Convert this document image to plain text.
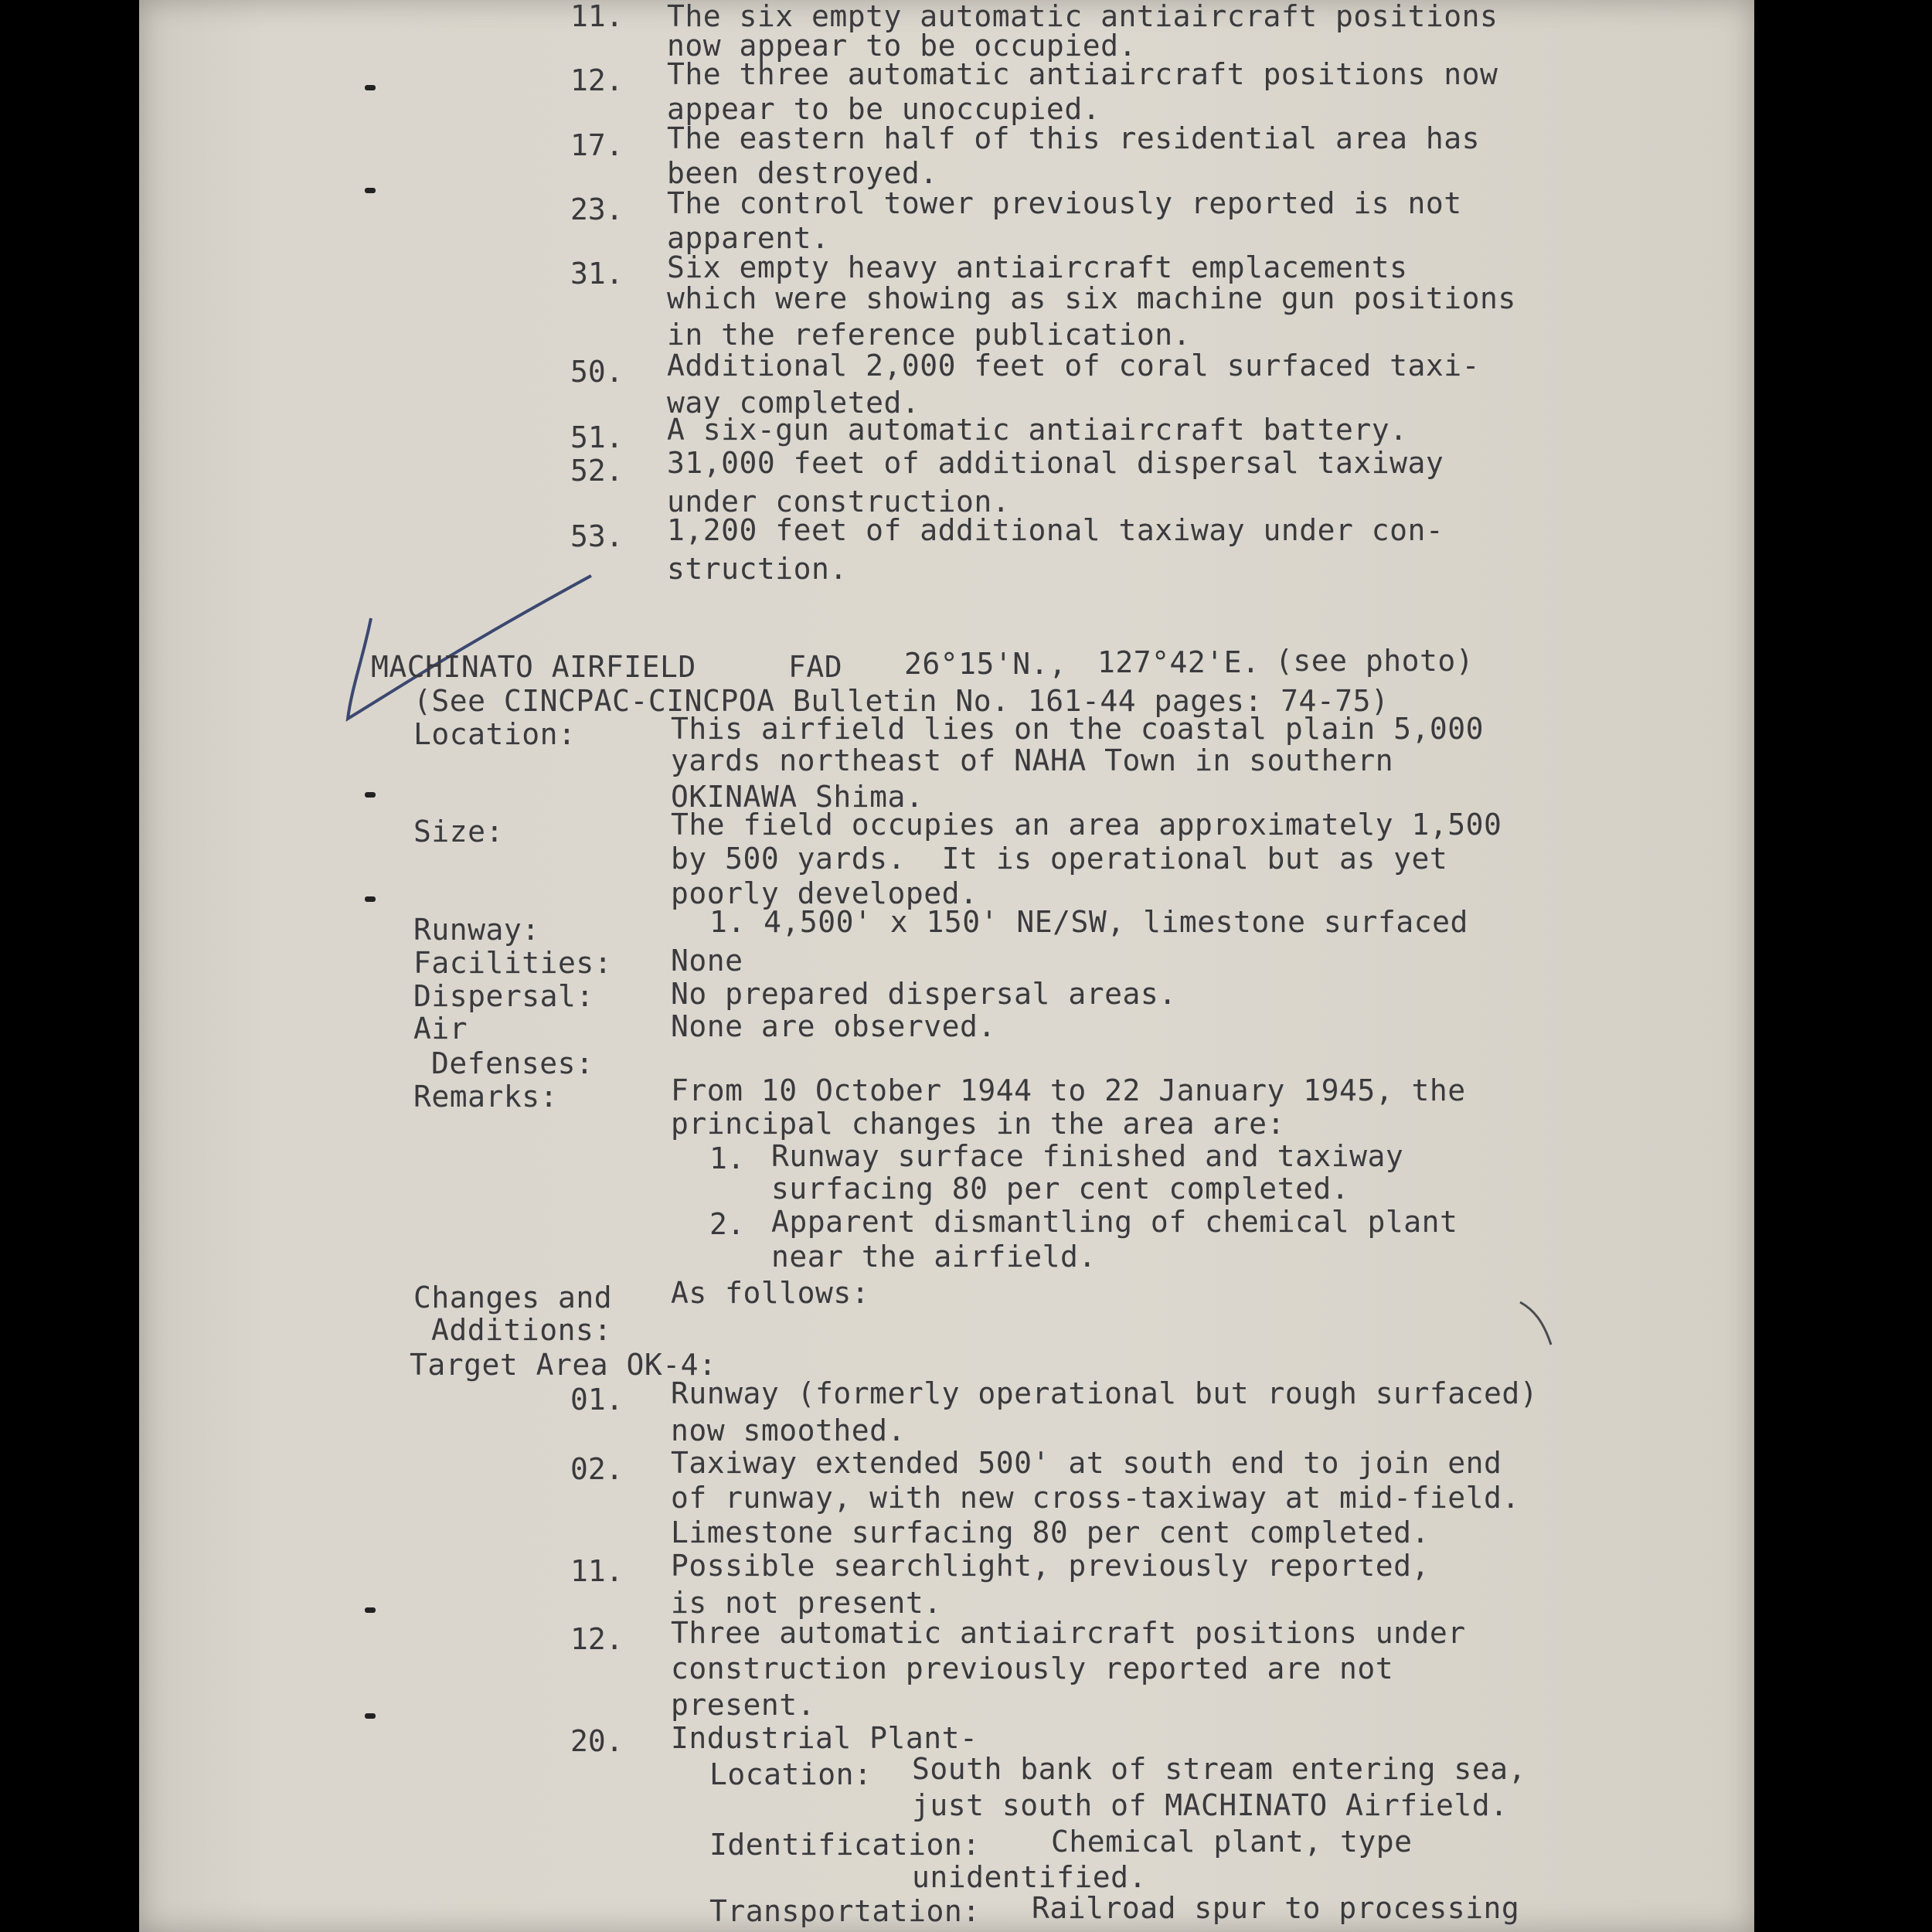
11. The six empty automatic antiaircraft positions
now appear to be occupied.
12. The three automatic antiaircraft positions now
appear to be unoccupied.
17. The eastern half of this residential area has
been destroyed.
23. The control tower previously reported is not
apparent.
31. Six empty heavy antiaircraft emplacements
which were showing as six machine gun positions
in the reference publication.
50. Additional 2,000 feet of coral surfaced taxi-
way completed.
51. A six-gun automatic antiaircraft battery.
52. 31,000 feet of additional dispersal taxiway
under construction.
53. 1,200 feet of additional taxiway under con-
struction.
MACHINATO AIRFIELD	FAD 26°15'N., 127°42'E. (see photo)
(See CINCPAC-CINCPOA Bulletin No. 161-44 pages: 74-75)
Location:	This airfield lies on the coastal plain 5,000
yards northeast of NAHA Town in southern
OKINAWA Shima.
Size:	The field occupies an area approximately 1,500
by 500 yards.  It is operational but as yet
poorly developed.
Runway:	1. 4,500' x 150' NE/SW, limestone surfaced
Facilities: None
Dispersal:	No prepared dispersal areas.
Air
Defenses:
None are observed.
Remarks:	From 10 October 1944 to 22 January 1945, the
principal changes in the area are:
1. Runway surface finished and taxiway
surfacing 80 per cent completed.
2. Apparent dismantling of chemical plant
near the airfield.
Changes and
Additions:
As follows:
Target Area OK-4:
01. Runway (formerly operational but rough surfaced)
now smoothed.
02. Taxiway extended 500' at south end to join end
of runway, with new cross-taxiway at mid-field.
Limestone surfacing 80 per cent completed.
11. Possible searchlight, previously reported,
is not present.
12. Three automatic antiaircraft positions under
construction previously reported are not
present.
20. Industrial Plant-
Location: South bank of stream entering sea,
just south of MACHINATO Airfield.
Identification: Chemical plant, type
unidentified.
Transportation: Railroad spur to processing
